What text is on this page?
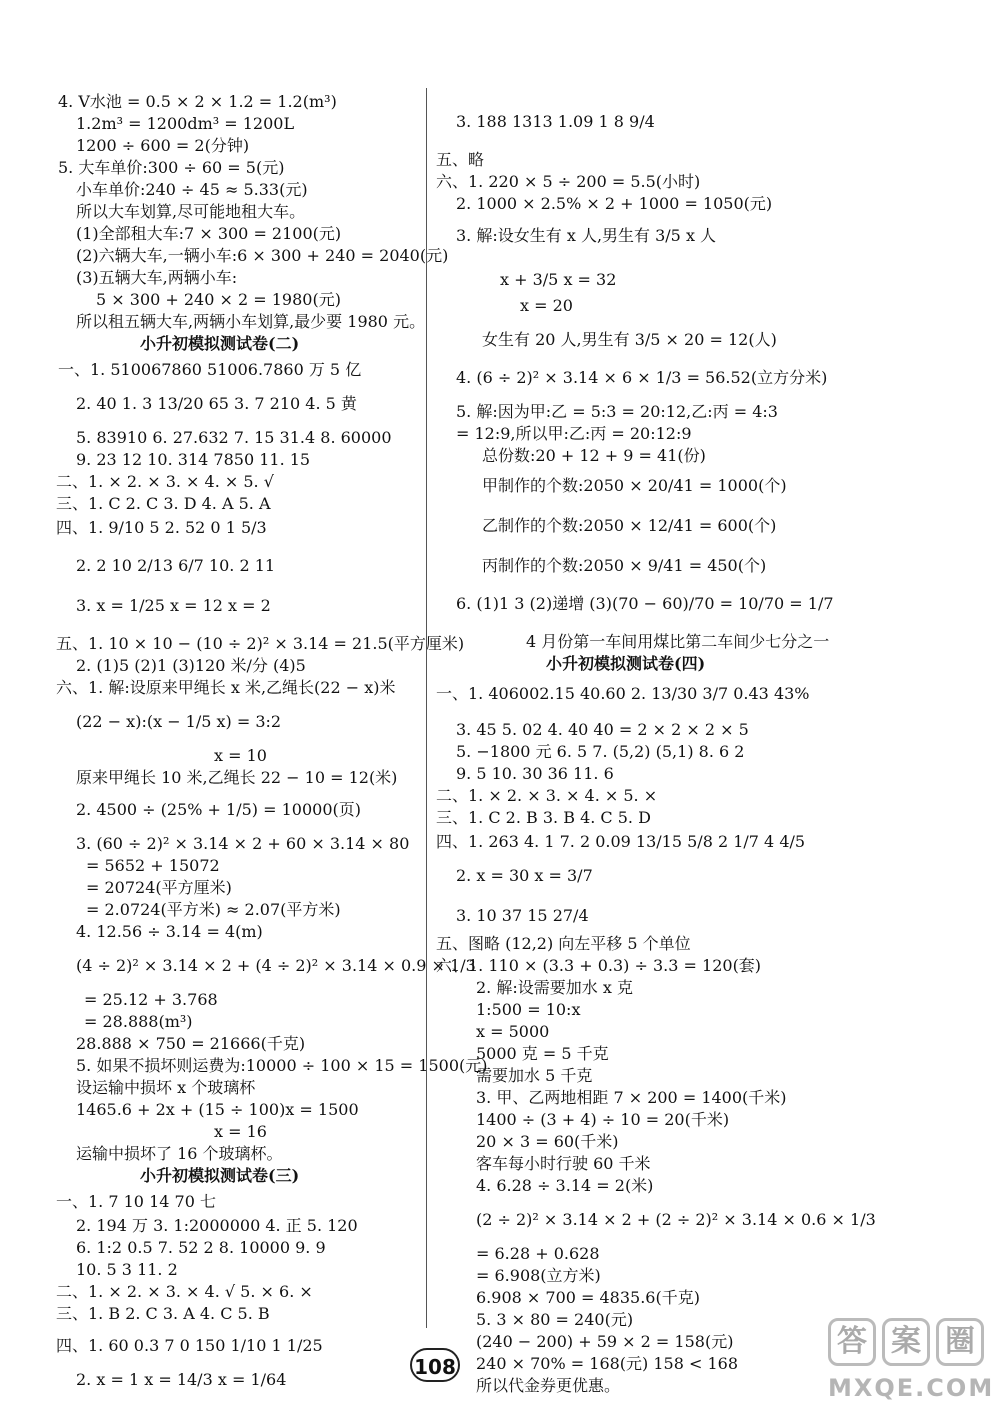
4. V水池 = 0.5 × 2 × 1.2 = 1.2(m³)
1.2m³ = 1200dm³ = 1200L
1200 ÷ 600 = 2(分钟)
5. 大车单价:300 ÷ 60 = 5(元)
小车单价:240 ÷ 45 ≈ 5.33(元)
所以大车划算,尽可能地租大车。
(1)全部租大车:7 × 300 = 2100(元)
(2)六辆大车,一辆小车:6 × 300 + 240 = 2040(元)
(3)五辆大车,两辆小车:
5 × 300 + 240 × 2 = 1980(元)
所以租五辆大车,两辆小车划算,最少要 1980 元。
小升初模拟测试卷(二)
一、1. 510067860 51006.7860 万 5 亿
2. 40 1. 3 13/20 65 3. 7 210 4. 5 黄
5. 83910 6. 27.632 7. 15 31.4 8. 60000
9. 23 12 10. 314 7850 11. 15
二、1. × 2. × 3. × 4. × 5. √
三、1. C 2. C 3. D 4. A 5. A
四、1. 9/10 5 2. 52 0 1 5/3
2. 2 10 2/13 6/7 10. 2 11
3. x = 1/25 x = 12 x = 2
五、1. 10 × 10 − (10 ÷ 2)² × 3.14 = 21.5(平方厘米)
2. (1)5 (2)1 (3)120 米/分 (4)5
六、1. 解:设原来甲绳长 x 米,乙绳长(22 − x)米
(22 − x):(x − 1/5 x) = 3:2
x = 10
原来甲绳长 10 米,乙绳长 22 − 10 = 12(米)
2. 4500 ÷ (25% + 1/5) = 10000(页)
3. (60 ÷ 2)² × 3.14 × 2 + 60 × 3.14 × 80
= 5652 + 15072
= 20724(平方厘米)
= 2.0724(平方米) ≈ 2.07(平方米)
4. 12.56 ÷ 3.14 = 4(m)
(4 ÷ 2)² × 3.14 × 2 + (4 ÷ 2)² × 3.14 × 0.9 × 1/3
= 25.12 + 3.768
= 28.888(m³)
28.888 × 750 = 21666(千克)
5. 如果不损坏则运费为:10000 ÷ 100 × 15 = 1500(元)
设运输中损坏 x 个玻璃杯
1465.6 + 2x + (15 ÷ 100)x = 1500
x = 16
运输中损坏了 16 个玻璃杯。
小升初模拟测试卷(三)
一、1. 7 10 14 70 七
2. 194 万 3. 1:2000000 4. 正 5. 120
6. 1:2 0.5 7. 52 2 8. 10000 9. 9
10. 5 3 11. 2
二、1. × 2. × 3. × 4. √ 5. × 6. ×
三、1. B 2. C 3. A 4. C 5. B
四、1. 60 0.3 7 0 150 1/10 1 1/25
2. x = 1 x = 14/3 x = 1/64
3. 188 1313 1.09 1 8 9/4
五、略
六、1. 220 × 5 ÷ 200 = 5.5(小时)
2. 1000 × 2.5% × 2 + 1000 = 1050(元)
3. 解:设女生有 x 人,男生有 3/5 x 人
x + 3/5 x = 32
x = 20
女生有 20 人,男生有 3/5 × 20 = 12(人)
4. (6 ÷ 2)² × 3.14 × 6 × 1/3 = 56.52(立方分米)
5. 解:因为甲:乙 = 5:3 = 20:12,乙:丙 = 4:3
= 12:9,所以甲:乙:丙 = 20:12:9
总份数:20 + 12 + 9 = 41(份)
甲制作的个数:2050 × 20/41 = 1000(个)
乙制作的个数:2050 × 12/41 = 600(个)
丙制作的个数:2050 × 9/41 = 450(个)
6. (1)1 3 (2)递增 (3)(70 − 60)/70 = 10/70 = 1/7
4 月份第一车间用煤比第二车间少七分之一
小升初模拟测试卷(四)
一、1. 406002.15 40.60 2. 13/30 3/7 0.43 43%
3. 45 5. 02 4. 40 40 = 2 × 2 × 2 × 5
5. −1800 元 6. 5 7. (5,2) (5,1) 8. 6 2
9. 5 10. 30 36 11. 6
二、1. × 2. × 3. × 4. × 5. ×
三、1. C 2. B 3. B 4. C 5. D
四、1. 263 4. 1 7. 2 0.09 13/15 5/8 2 1/7 4 4/5
2. x = 30 x = 3/7
3. 10 37 15 27/4
五、图略 (12,2) 向左平移 5 个单位
六、1. 110 × (3.3 + 0.3) ÷ 3.3 = 120(套)
2. 解:设需要加水 x 克
1:500 = 10:x
x = 5000
5000 克 = 5 千克
需要加水 5 千克
3. 甲、乙两地相距 7 × 200 = 1400(千米)
1400 ÷ (3 + 4) ÷ 10 = 20(千米)
20 × 3 = 60(千米)
客车每小时行驶 60 千米
4. 6.28 ÷ 3.14 = 2(米)
(2 ÷ 2)² × 3.14 × 2 + (2 ÷ 2)² × 3.14 × 0.6 × 1/3
= 6.28 + 0.628
= 6.908(立方米)
6.908 × 700 = 4835.6(千克)
5. 3 × 80 = 240(元)
(240 − 200) + 59 × 2 = 158(元)
240 × 70% = 168(元) 158 < 168
所以代金券更优惠。
108
答 案 圈
MXQE.COM
